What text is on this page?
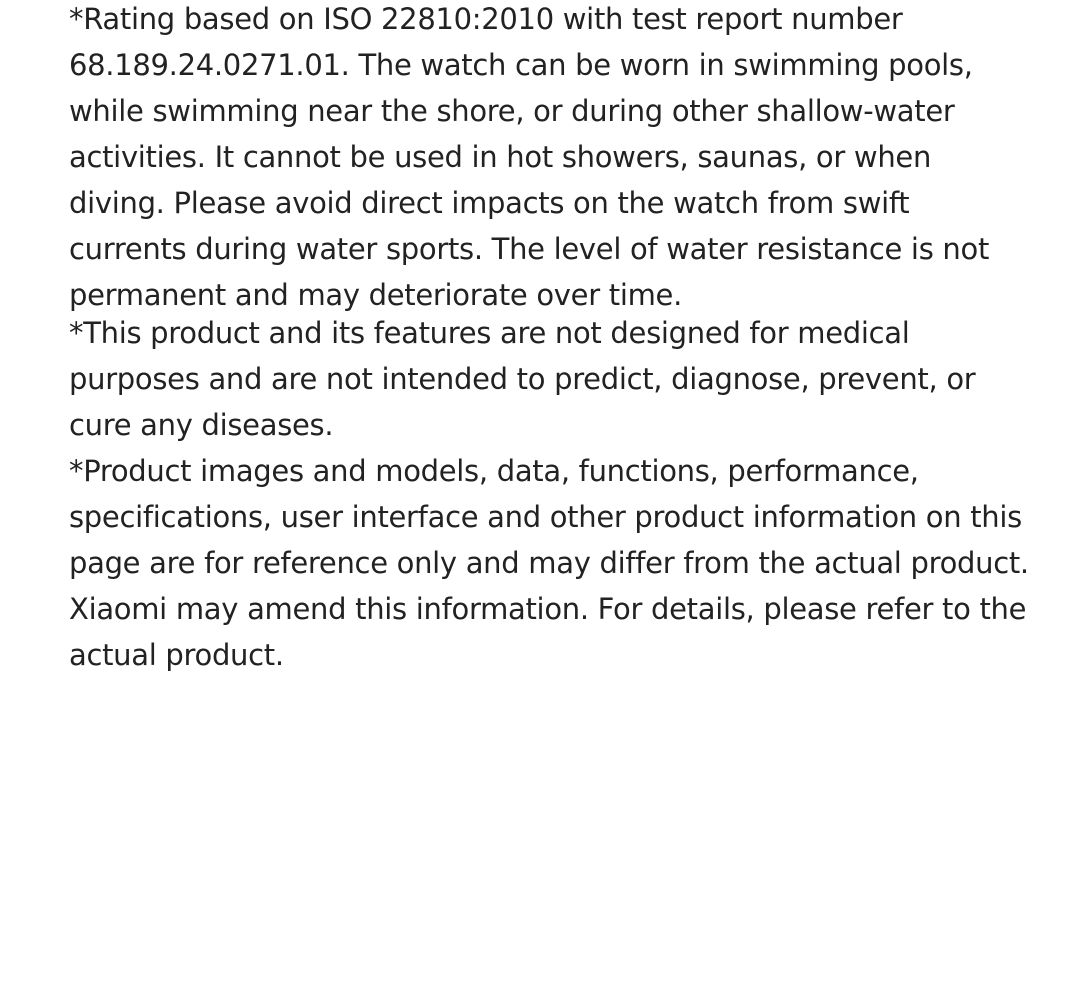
*Rating based on ISO 22810:2010 with test report number 68.189.24.0271.01. The watch can be worn in swimming pools, while swimming near the shore, or during other shallow-water activities. It cannot be used in hot showers, saunas, or when diving. Please avoid direct impacts on the watch from swift currents during water sports. The level of water resistance is not permanent and may deteriorate over time.

*This product and its features are not designed for medical purposes and are not intended to predict, diagnose, prevent, or cure any diseases.

*Product images and models, data, functions, performance, specifications, user interface and other product information on this page are for reference only and may differ from the actual product. Xiaomi may amend this information. For details, please refer to the actual product.
